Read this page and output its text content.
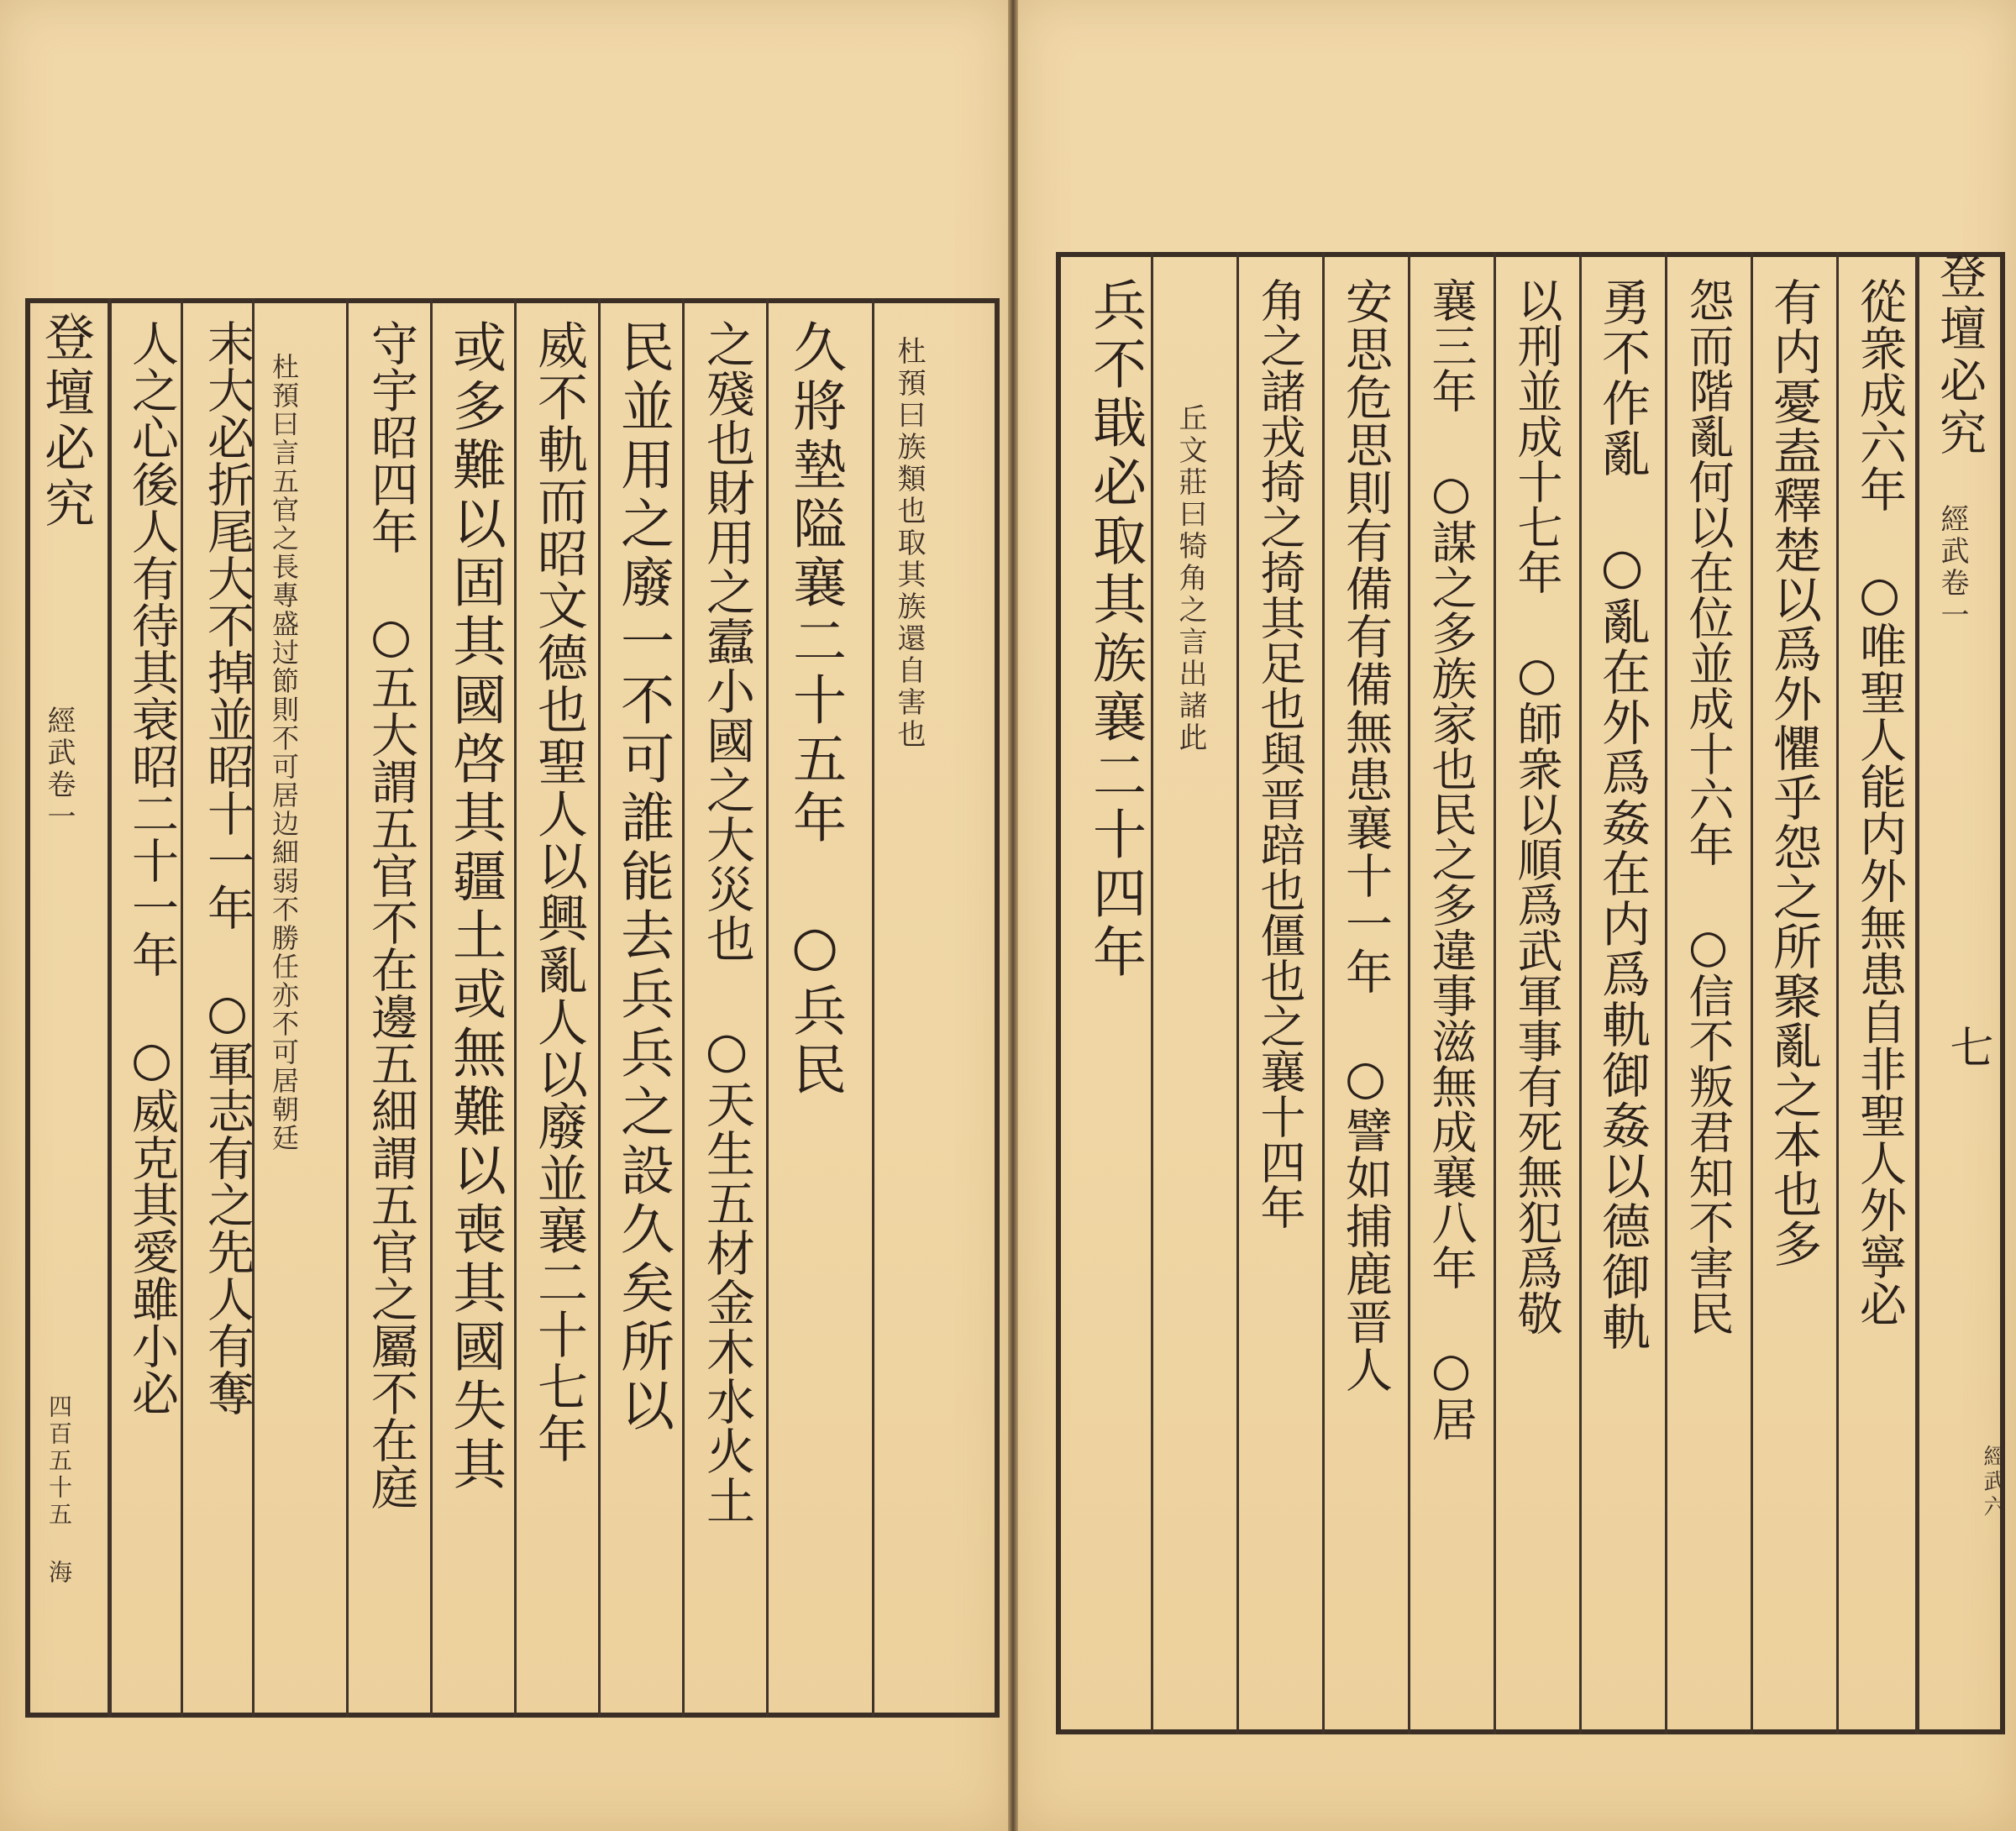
登壇必究
經武卷一
四百五十五 海
杜預曰族類也取其族還自害也
久將墊隘襄二十五年 ○兵民
之殘也財用之蠧小國之大災也 ○天生五材金木水火土
民並用之廢一不可誰能去兵兵之設久矣所以
威不軌而昭文德也聖人以興亂人以廢並襄二十七年
或多難以固其國啓其疆土或無難以喪其國失其
守宇昭四年 ○五大謂五官不在邊五細謂五官之屬不在庭
杜預曰言五官之長專盛过節則不可居边細弱不勝任亦不可居朝廷
末大必折尾大不掉並昭十一年 ○軍志有之先人有奪
人之心後人有待其衰昭二十一年 ○威克其愛雖小必	登壇必究
經武卷一
七
經武六
從衆成六年 ○唯聖人能内外無患自非聖人外寧必
有内憂盍釋楚以爲外懼乎怨之所聚亂之本也多
怨而階亂何以在位並成十六年 ○信不叛君知不害民
勇不作亂 ○亂在外爲姦在内爲軌御姦以德御軌
以刑並成十七年 ○師衆以順爲武軍事有死無犯爲敬
襄三年 ○謀之多族家也民之多違事滋無成襄八年 ○居
安思危思則有備有備無患襄十一年 ○譬如捕鹿晋人
角之諸戎掎之掎其足也與晋踣也僵也之襄十四年
丘文莊曰犄角之言出諸此
兵不戢必取其族襄二十四年
